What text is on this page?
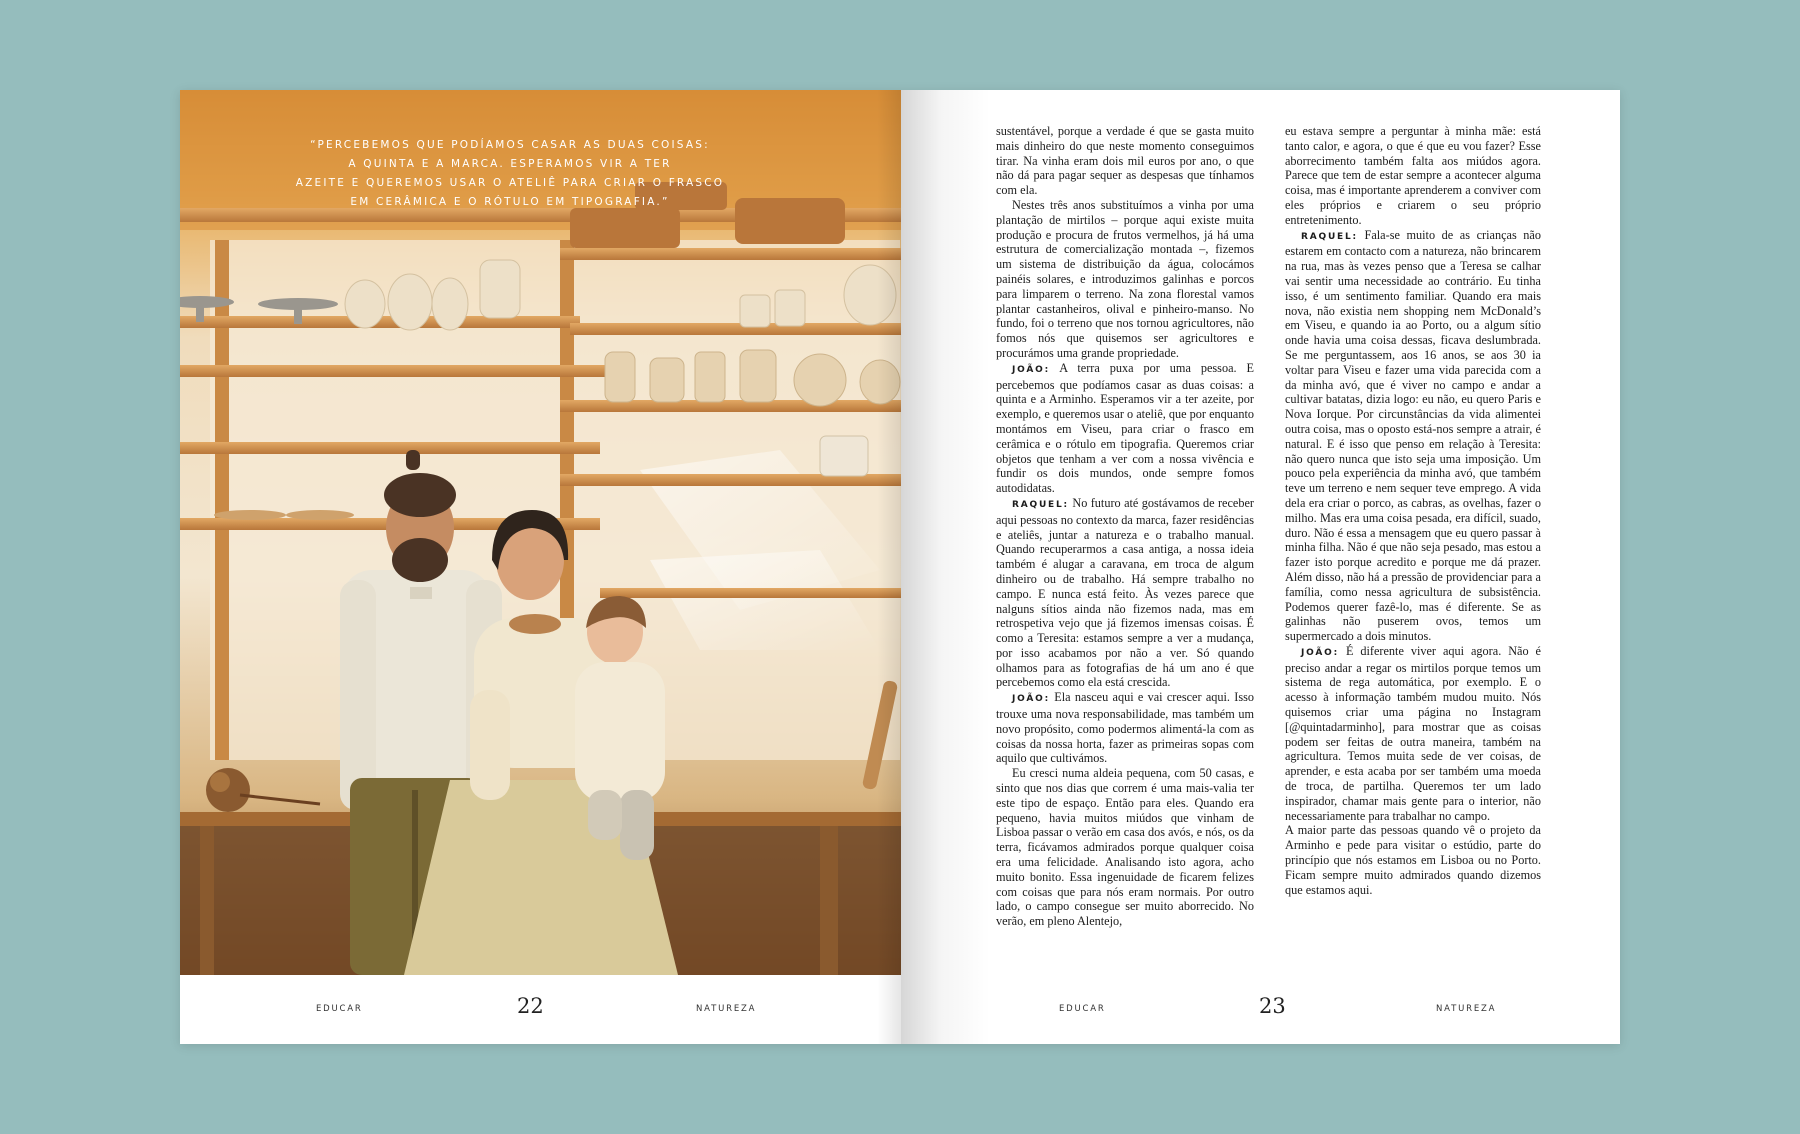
“PERCEBEMOS QUE PODÍAMOS CASAR AS DUAS COISAS:
A QUINTA E A MARCA. ESPERAMOS VIR A TER
AZEITE E QUEREMOS USAR O ATELIÊ PARA CRIAR O FRASCO
EM CERÂMICA E O RÓTULO EM TIPOGRAFIA.”

EDUCAR	22	NATUREZA

sustentável, porque a verdade é que se gasta muito mais dinheiro do que neste momento conseguimos tirar. Na vinha eram dois mil euros por ano, o que não dá para pagar sequer as despesas que tínhamos com ela.

Nestes três anos substituímos a vinha por uma plantação de mirtilos – porque aqui existe muita produção e procura de frutos vermelhos, já há uma estrutura de comercialização montada –, fizemos um sistema de distribuição da água, colocámos painéis solares, e introduzimos galinhas e porcos para limparem o terreno. Na zona florestal vamos plantar castanheiros, olival e pinheiro-manso. No fundo, foi o terreno que nos tornou agricultores, não fomos nós que quisemos ser agricultores e procurámos uma grande propriedade.

JOÃO: A terra puxa por uma pessoa. E percebemos que podíamos casar as duas coisas: a quinta e a Arminho. Esperamos vir a ter azeite, por exemplo, e queremos usar o ateliê, que por enquanto montámos em Viseu, para criar o frasco em cerâmica e o rótulo em tipografia. Queremos criar objetos que tenham a ver com a nossa vivência e fundir os dois mundos, onde sempre fomos autodidatas.

RAQUEL: No futuro até gostávamos de receber aqui pessoas no contexto da marca, fazer residências e ateliês, juntar a natureza e o trabalho manual. Quando recuperarmos a casa antiga, a nossa ideia também é alugar a caravana, em troca de algum dinheiro ou de trabalho. Há sempre trabalho no campo. E nunca está feito. Às vezes parece que nalguns sítios ainda não fizemos nada, mas em retrospetiva vejo que já fizemos imensas coisas. É como a Teresita: estamos sempre a ver a mudança, por isso acabamos por não a ver. Só quando olhamos para as fotografias de há um ano é que percebemos como ela está crescida.

JOÃO: Ela nasceu aqui e vai crescer aqui. Isso trouxe uma nova responsabilidade, mas também um novo propósito, como podermos alimentá-la com as coisas da nossa horta, fazer as primeiras sopas com aquilo que cultivámos.

Eu cresci numa aldeia pequena, com 50 casas, e sinto que nos dias que correm é uma mais-valia ter este tipo de espaço. Então para eles. Quando era pequeno, havia muitos miúdos que vinham de Lisboa passar o verão em casa dos avós, e nós, os da terra, ficávamos admirados porque qualquer coisa era uma felicidade. Analisando isto agora, acho muito bonito. Essa ingenuidade de ficarem felizes com coisas que para nós eram normais. Por outro lado, o campo consegue ser muito aborrecido. No verão, em pleno Alentejo,

eu estava sempre a perguntar à minha mãe: está tanto calor, e agora, o que é que eu vou fazer? Esse aborrecimento também falta aos miúdos agora. Parece que tem de estar sempre a acontecer alguma coisa, mas é importante aprenderem a conviver com eles próprios e criarem o seu próprio entretenimento.

RAQUEL: Fala-se muito de as crianças não estarem em contacto com a natureza, não brincarem na rua, mas às vezes penso que a Teresa se calhar vai sentir uma necessidade ao contrário. Eu tinha isso, é um sentimento familiar. Quando era mais nova, não existia nem shopping nem McDonald’s em Viseu, e quando ia ao Porto, ou a algum sítio onde havia uma coisa dessas, ficava deslumbrada. Se me perguntassem, aos 16 anos, se aos 30 ia voltar para Viseu e fazer uma vida parecida com a da minha avó, que é viver no campo e andar a cultivar batatas, dizia logo: eu não, eu quero Paris e Nova Iorque. Por circunstâncias da vida alimentei outra coisa, mas o oposto está-nos sempre a atrair, é natural. E é isso que penso em relação à Teresita: não quero nunca que isto seja uma imposição. Um pouco pela experiência da minha avó, que também teve um terreno e nem sequer teve emprego. A vida dela era criar o porco, as cabras, as ovelhas, fazer o milho. Mas era uma coisa pesada, era difícil, suado, duro. Não é essa a mensagem que eu quero passar à minha filha. Não é que não seja pesado, mas estou a fazer isto porque acredito e porque me dá prazer. Além disso, não há a pressão de providenciar para a família, como nessa agricultura de subsistência. Podemos querer fazê-lo, mas é diferente. Se as galinhas não puserem ovos, temos um supermercado a dois minutos.

JOÃO: É diferente viver aqui agora. Não é preciso andar a regar os mirtilos porque temos um sistema de rega automática, por exemplo. E o acesso à informação também mudou muito. Nós quisemos criar uma página no Instagram [@quintadarminho], para mostrar que as coisas podem ser feitas de outra maneira, também na agricultura. Temos muita sede de ver coisas, de aprender, e esta acaba por ser também uma moeda de troca, de partilha. Queremos ter um lado inspirador, chamar mais gente para o interior, não necessariamente para trabalhar no campo.

A maior parte das pessoas quando vê o projeto da Arminho e pede para visitar o estúdio, parte do princípio que nós estamos em Lisboa ou no Porto. Ficam sempre muito admirados quando dizemos que estamos aqui.

EDUCAR	23	NATUREZA
